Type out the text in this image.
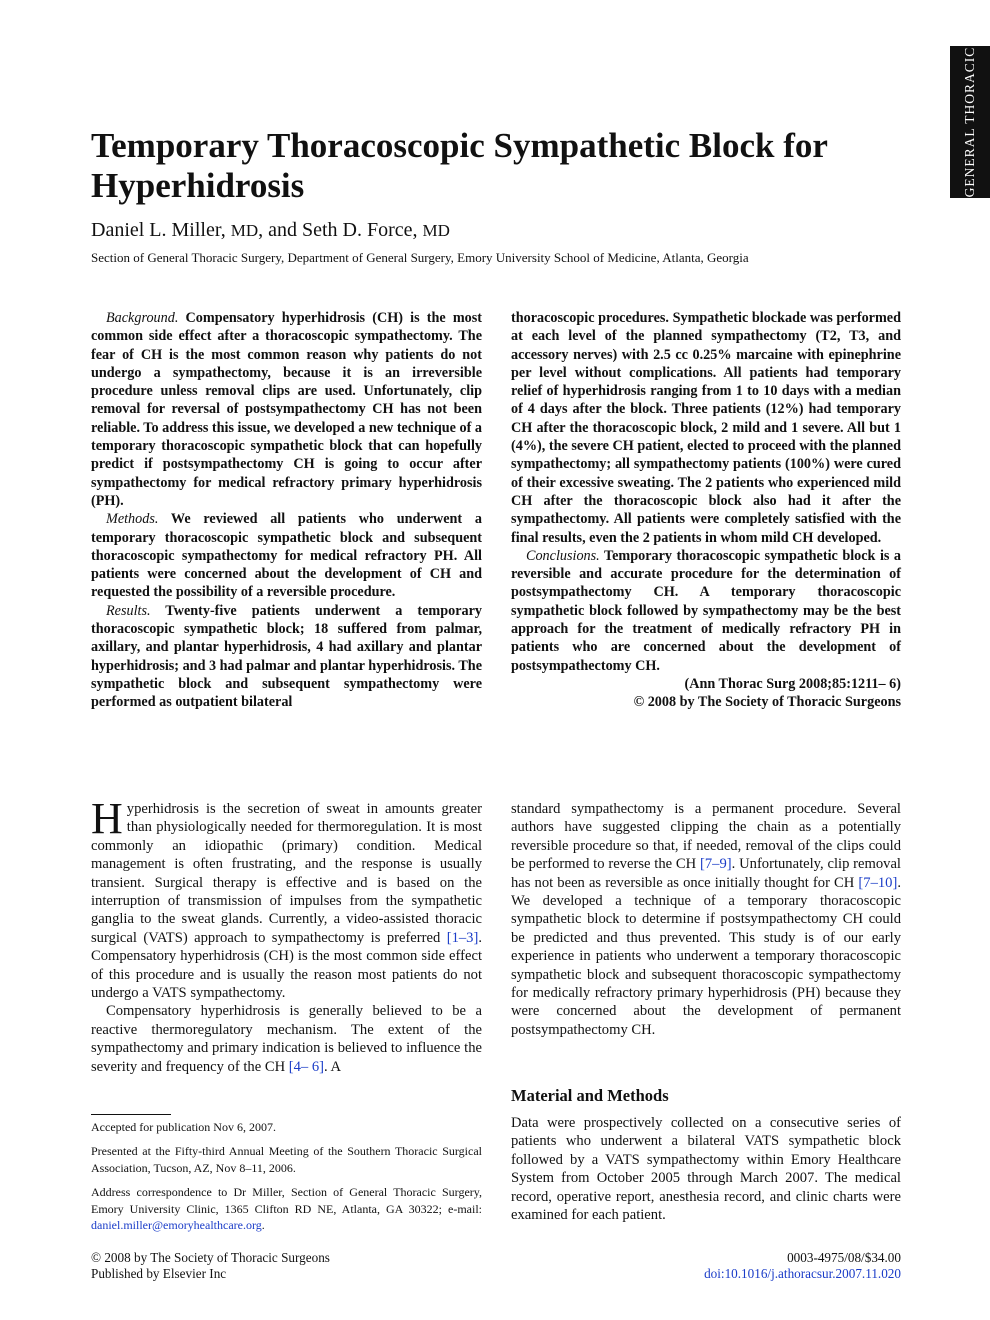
GENERAL THORACIC
Temporary Thoracoscopic Sympathetic Block for Hyperhidrosis
Daniel L. Miller, MD, and Seth D. Force, MD
Section of General Thoracic Surgery, Department of General Surgery, Emory University School of Medicine, Atlanta, Georgia

Background. Compensatory hyperhidrosis (CH) is the most common side effect after a thoracoscopic sympathectomy. The fear of CH is the most common reason why patients do not undergo a sympathectomy, because it is an irreversible procedure unless removal clips are used. Unfortunately, clip removal for reversal of postsympathectomy CH has not been reliable. To address this issue, we developed a new technique of a temporary thoracoscopic sympathetic block that can hopefully predict if postsympathectomy CH is going to occur after sympathectomy for medical refractory primary hyperhidrosis (PH).

Methods. We reviewed all patients who underwent a temporary thoracoscopic sympathetic block and subsequent thoracoscopic sympathectomy for medical refractory PH. All patients were concerned about the development of CH and requested the possibility of a reversible procedure.

Results. Twenty-five patients underwent a temporary thoracoscopic sympathetic block; 18 suffered from palmar, axillary, and plantar hyperhidrosis, 4 had axillary and plantar hyperhidrosis; and 3 had palmar and plantar hyperhidrosis. The sympathetic block and subsequent sympathectomy were performed as outpatient bilateral

thoracoscopic procedures. Sympathetic blockade was performed at each level of the planned sympathectomy (T2, T3, and accessory nerves) with 2.5 cc 0.25% marcaine with epinephrine per level without complications. All patients had temporary relief of hyperhidrosis ranging from 1 to 10 days with a median of 4 days after the block. Three patients (12%) had temporary CH after the thoracoscopic block, 2 mild and 1 severe. All but 1 (4%), the severe CH patient, elected to proceed with the planned sympathectomy; all sympathectomy patients (100%) were cured of their excessive sweating. The 2 patients who experienced mild CH after the thoracoscopic block also had it after the sympathectomy. All patients were completely satisfied with the final results, even the 2 patients in whom mild CH developed.

Conclusions. Temporary thoracoscopic sympathetic block is a reversible and accurate procedure for the determination of postsympathectomy CH. A temporary thoracoscopic sympathetic block followed by sympathectomy may be the best approach for the treatment of medically refractory PH in patients who are concerned about the development of postsympathectomy CH.

(Ann Thorac Surg 2008;85:1211– 6)
© 2008 by The Society of Thoracic Surgeons

Hyperhidrosis is the secretion of sweat in amounts greater than physiologically needed for thermoregulation. It is most commonly an idiopathic (primary) condition. Medical management is often frustrating, and the response is usually transient. Surgical therapy is effective and is based on the interruption of transmission of impulses from the sympathetic ganglia to the sweat glands. Currently, a video-assisted thoracic surgical (VATS) approach to sympathectomy is preferred [1–3]. Compensatory hyperhidrosis (CH) is the most common side effect of this procedure and is usually the reason most patients do not undergo a VATS sympathectomy.

Compensatory hyperhidrosis is generally believed to be a reactive thermoregulatory mechanism. The extent of the sympathectomy and primary indication is believed to influence the severity and frequency of the CH [4– 6]. A

standard sympathectomy is a permanent procedure. Several authors have suggested clipping the chain as a potentially reversible procedure so that, if needed, removal of the clips could be performed to reverse the CH [7–9]. Unfortunately, clip removal has not been as reversible as once initially thought for CH [7–10]. We developed a technique of a temporary thoracoscopic sympathetic block to determine if postsympathectomy CH could be predicted and thus prevented. This study is of our early experience in patients who underwent a temporary thoracoscopic sympathetic block and subsequent thoracoscopic sympathectomy for medically refractory primary hyperhidrosis (PH) because they were concerned about the development of permanent postsympathectomy CH.

Material and Methods

Data were prospectively collected on a consecutive series of patients who underwent a bilateral VATS sympathetic block followed by a VATS sympathectomy within Emory Healthcare System from October 2005 through March 2007. The medical record, operative report, anesthesia record, and clinic charts were examined for each patient.

Accepted for publication Nov 6, 2007.

Presented at the Fifty-third Annual Meeting of the Southern Thoracic Surgical Association, Tucson, AZ, Nov 8–11, 2006.

Address correspondence to Dr Miller, Section of General Thoracic Surgery, Emory University Clinic, 1365 Clifton RD NE, Atlanta, GA 30322; e-mail: daniel.miller@emoryhealthcare.org.

© 2008 by The Society of Thoracic Surgeons
Published by Elsevier Inc
0003-4975/08/$34.00
doi:10.1016/j.athoracsur.2007.11.020
